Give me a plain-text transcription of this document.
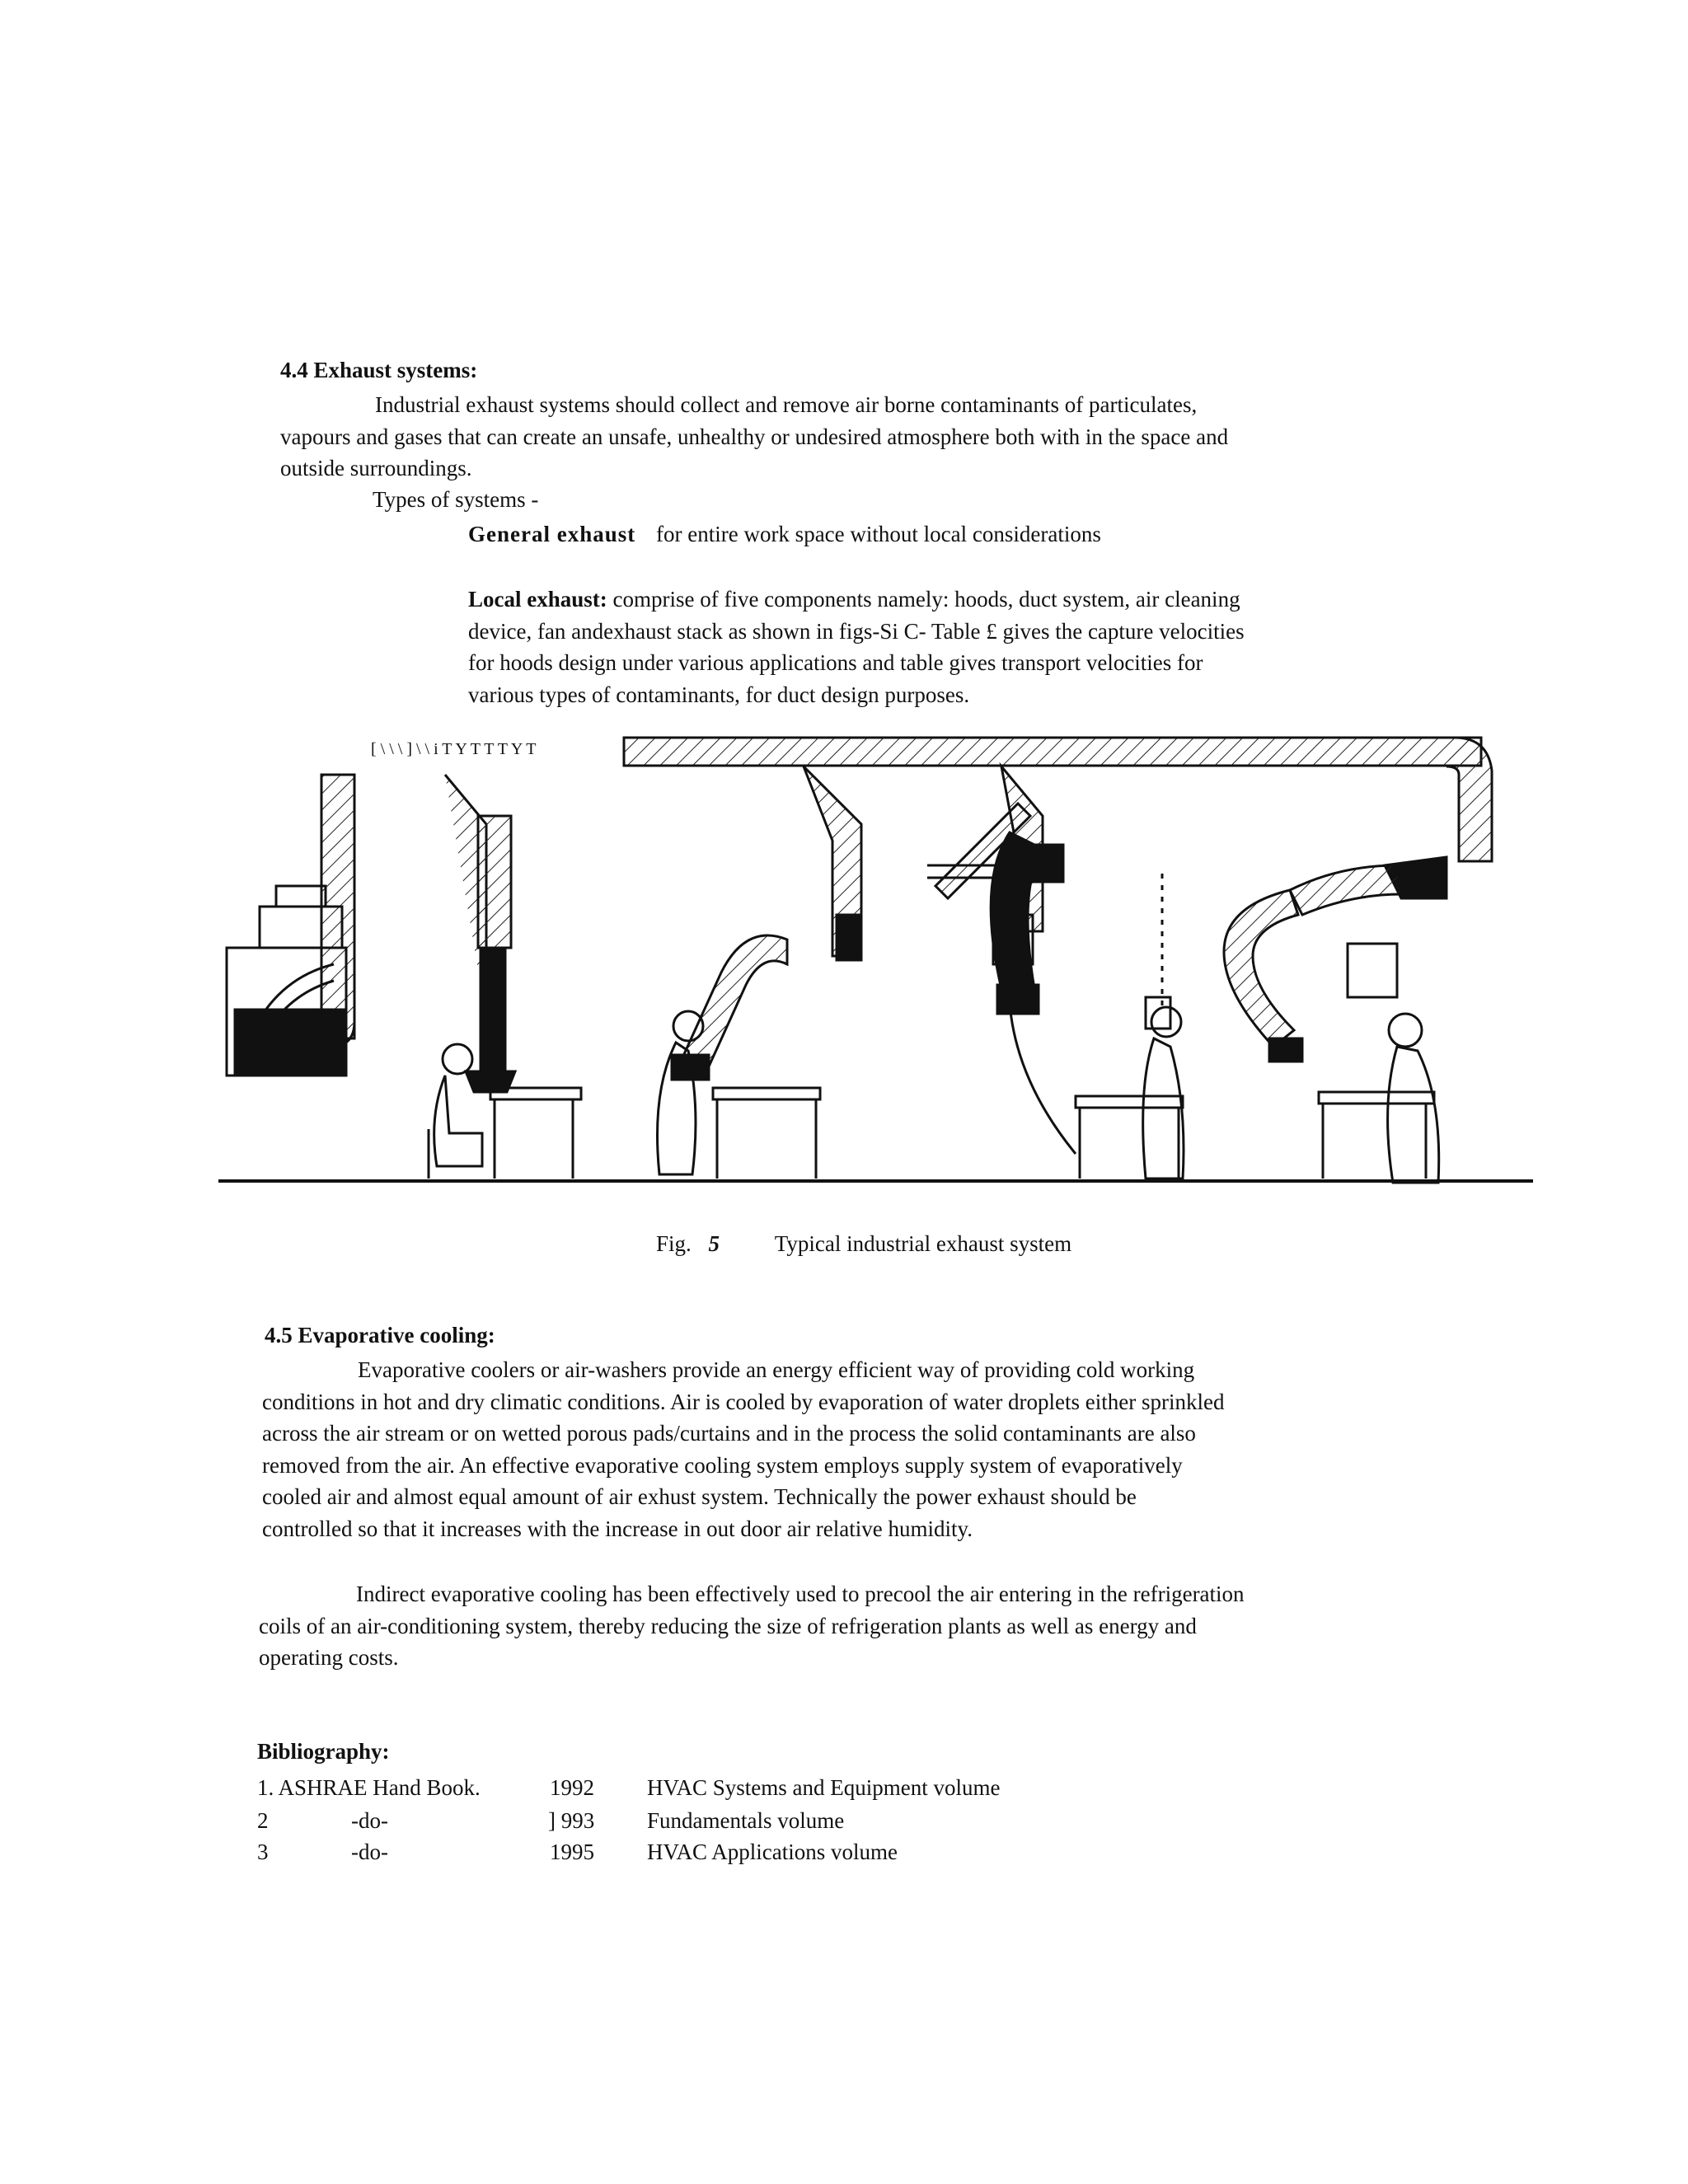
4.4 Exhaust systems:
Industrial exhaust systems should collect and remove air borne contaminants of particulates,
vapours and gases that can create an unsafe, unhealthy or undesired atmosphere both with in the space and
outside surroundings.
Types of systems -
General exhaust for entire work space without local considerations
Local exhaust: comprise of five components namely: hoods, duct system, air cleaning
device, fan andexhaust stack as shown in figs-Si C- Table £ gives the capture velocities
for hoods design under various applications and table gives transport velocities for
various types of contaminants, for duct design purposes.
[ \ \ \ ] \ \ i T Y T T T Y T
Fig. 5 Typical industrial exhaust system
4.5 Evaporative cooling:
Evaporative coolers or air-washers provide an energy efficient way of providing cold working
conditions in hot and dry climatic conditions. Air is cooled by evaporation of water droplets either sprinkled
across the air stream or on wetted porous pads/curtains and in the process the solid contaminants are also
removed from the air. An effective evaporative cooling system employs supply system of evaporatively
cooled air and almost equal amount of air exhust system. Technically the power exhaust should be
controlled so that it increases with the increase in out door air relative humidity.
Indirect evaporative cooling has been effectively used to precool the air entering in the refrigeration
coils of an air-conditioning system, thereby reducing the size of refrigeration plants as well as energy and
operating costs.
Bibliography:
1. ASHRAE Hand Book.	1992 HVAC Systems and Equipment volume
2	-do-	] 993 Fundamentals volume
3	-do-	1995 HVAC Applications volume
